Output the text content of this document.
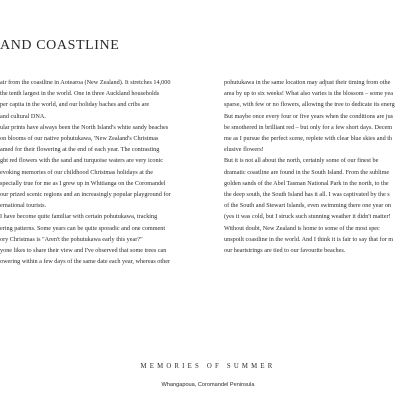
AND COASTLINE

air from the coastline in Aotearoa (New Zealand). It stretches 14,000

the tenth largest in the world. One in three Auckland households

per capita in the world, and our holiday baches and cribs are

and cultural DNA.

ular prints have always been the North Island's white sandy beaches

on blooms of our native pohutukawa, 'New Zealand's Christmas

amed for their flowering at the end of each year. The contrasting

ght red flowers with the sand and turquoise waters are very iconic

evoking memories of our childhood Christmas holidays at the

specially true for me as I grew up in Whitianga on the Coromandel

our prized scenic regions and an increasingly popular playground for

ernational tourists.

I have become quite familiar with certain pohutukawa, tracking

ering patterns. Some years can be quite sporadic and one comment

ory Christmas is "Aren't the pohutukawa early this year?"

yone likes to share their view and I've observed that some trees can

owering within a few days of the same date each year, whereas other

pohutukawa in the same location may adjust their timing from othe

area by up to six weeks! What also varies is the blossom – some yea

sparse, with few or no flowers, allowing the tree to dedicate its energ

But maybe once every four or five years when the conditions are jus

be smothered in brilliant red – but only for a few short days. Decem

me as I pursue the perfect scene, replete with clear blue skies and th

elusive flowers!

But it is not all about the north, certainly some of our finest be

dramatic coastline are found in the South Island. From the sublime

golden sands of the Abel Tasman National Park in the north, to the

the deep south, the South Island has it all. I was captivated by the s

of the South and Stewart Islands, even swimming there one year on

(yes it was cold, but I struck such stunning weather it didn't matter!

Without doubt, New Zealand is home to some of the most spec

unspoilt coastline in the world. And I think it is fair to say that for m

our heartstrings are tied to our favourite beaches.

MEMORIES OF SUMMER
Whangapoua, Coromandel Peninsula
